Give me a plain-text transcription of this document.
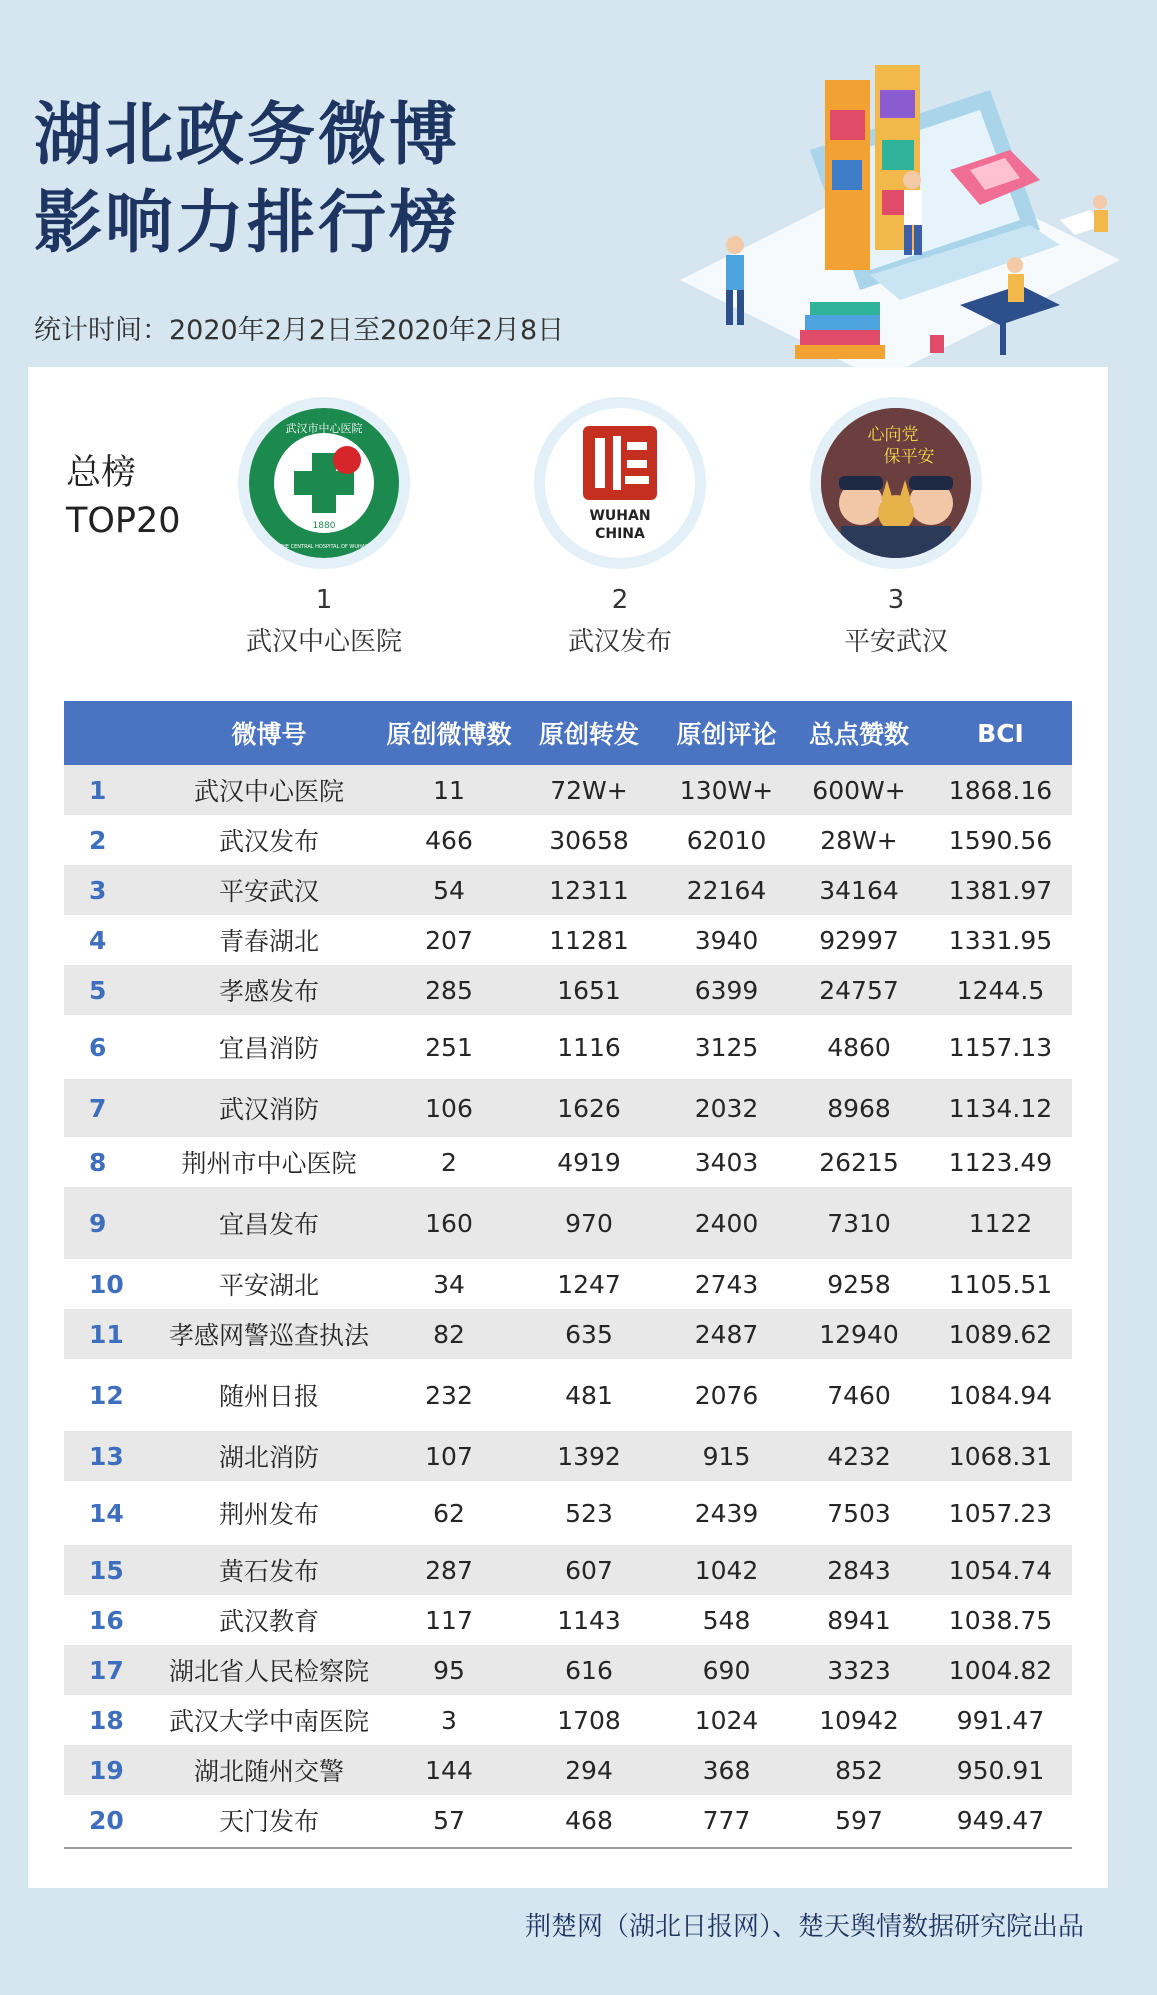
湖北政务微博
影响力排行榜
统计时间：2020年2月2日至2020年2月8日
总榜
TOP20	1880
武汉市中心医院
THE CENTRAL HOSPITAL OF WUHAN
1
武汉中心医院
WUHAN
CHINA
2
武汉发布
心向党
保平安
3
平安武汉
	微博号	原创微博数	原创转发	原创评论	总点赞数	BCI
1	武汉中心医院	11	72W+	130W+	600W+	1868.16
2	武汉发布	466	30658	62010	28W+	1590.56
3	平安武汉	54	12311	22164	34164	1381.97
4	青春湖北	207	11281	3940	92997	1331.95
5	孝感发布	285	1651	6399	24757	1244.5
6	宜昌消防	251	1116	3125	4860	1157.13
7	武汉消防	106	1626	2032	8968	1134.12
8	荆州市中心医院	2	4919	3403	26215	1123.49
9	宜昌发布	160	970	2400	7310	1122
10	平安湖北	34	1247	2743	9258	1105.51
11	孝感网警巡查执法	82	635	2487	12940	1089.62
12	随州日报	232	481	2076	7460	1084.94
13	湖北消防	107	1392	915	4232	1068.31
14	荆州发布	62	523	2439	7503	1057.23
15	黄石发布	287	607	1042	2843	1054.74
16	武汉教育	117	1143	548	8941	1038.75
17	湖北省人民检察院	95	616	690	3323	1004.82
18	武汉大学中南医院	3	1708	1024	10942	991.47
19	湖北随州交警	144	294	368	852	950.91
20	天门发布	57	468	777	597	949.47
荆楚网（湖北日报网）、楚天舆情数据研究院出品
